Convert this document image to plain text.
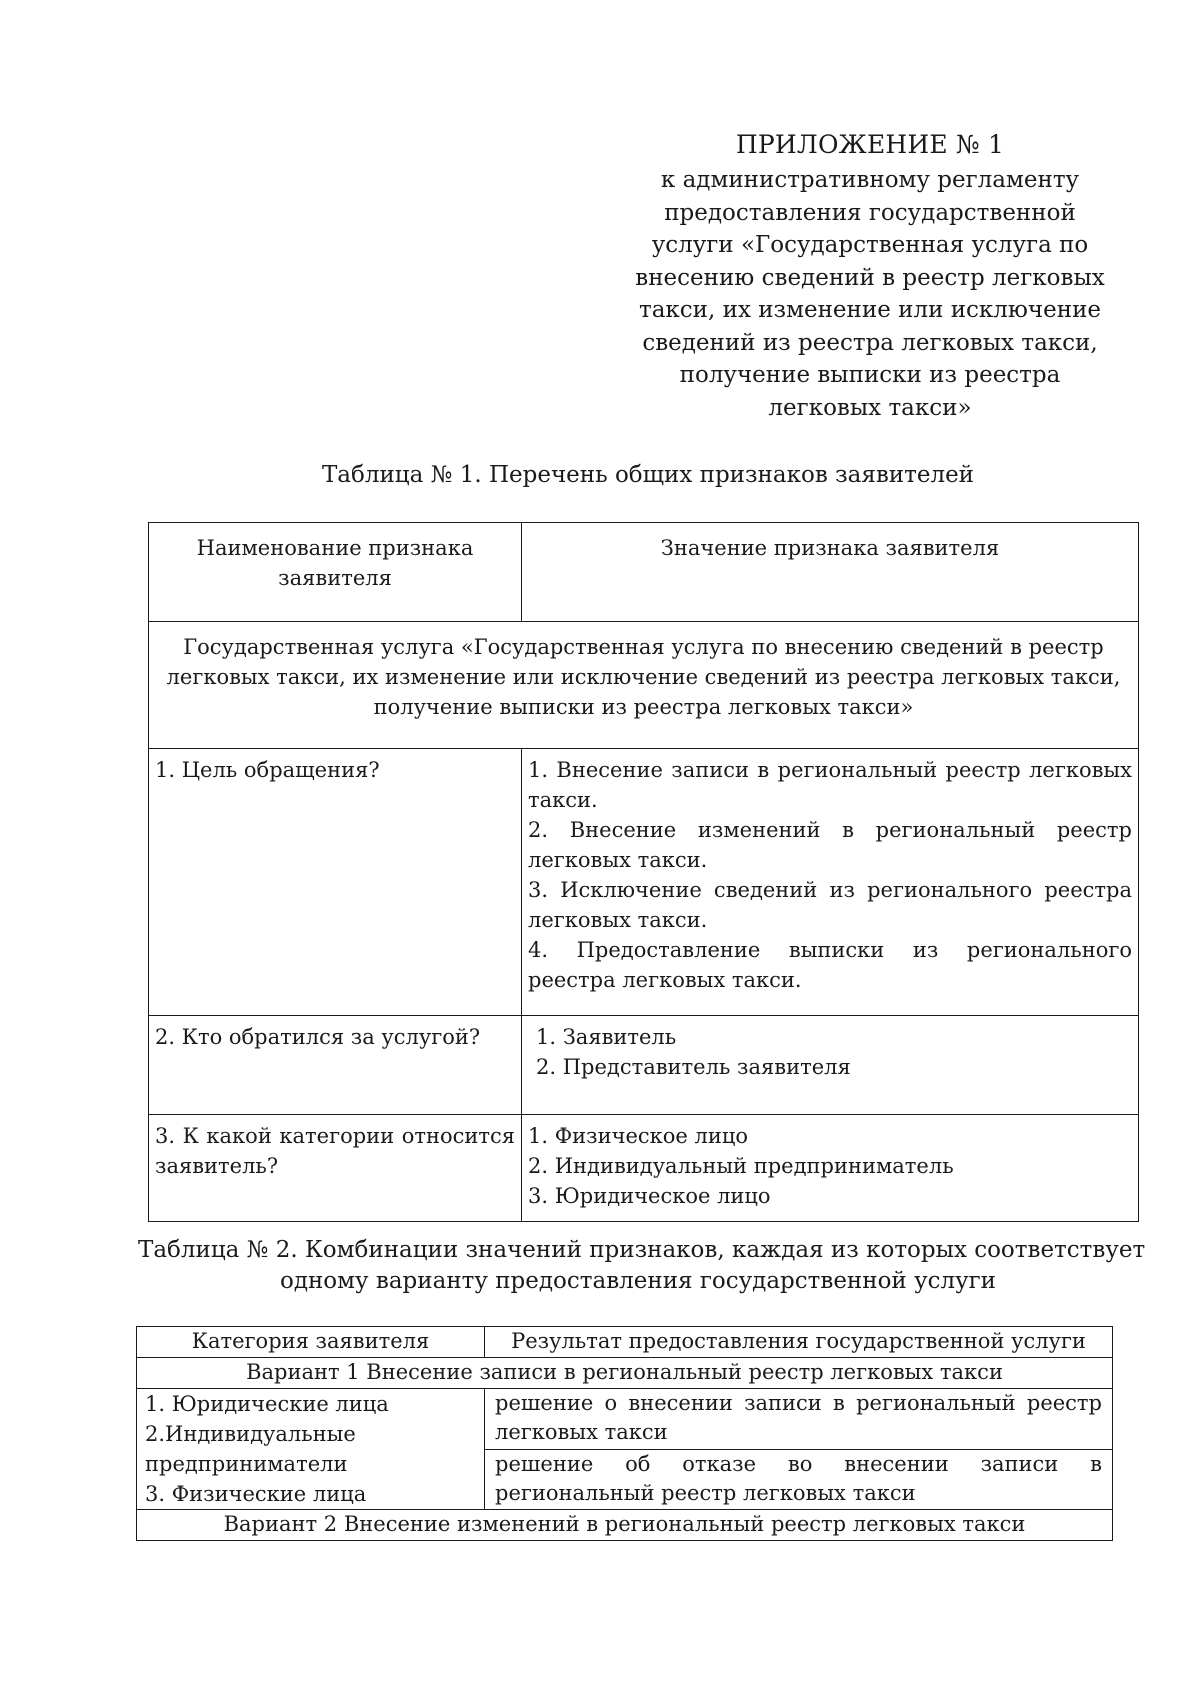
ПРИЛОЖЕНИЕ № 1
к административному регламенту
предоставления государственной
услуги «Государственная услуга по
внесению сведений в реестр легковых
такси, их изменение или исключение
сведений из реестра легковых такси,
получение выписки из реестра
легковых такси»
Таблица № 1. Перечень общих признаков заявителей
Наименование признака
заявителя	Значение признака заявителя

Государственная услуга «Государственная услуга по внесению сведений в реестр
легковых такси, их изменение или исключение сведений из реестра легковых такси,
получение выписки из реестра легковых такси»	

1. Цель обращения?	1. Внесение записи в региональный реестр легковых такси.
2. Внесение изменений в региональный реестр легковых такси.
3. Исключение сведений из регионального реестра легковых такси.
4. Предоставление выписки из регионального реестра легковых такси.

2. Кто обратился за услугой?	1. Заявитель
2. Представитель заявителя

3. К какой категории относится заявитель?	1. Физическое лицо
2. Индивидуальный предприниматель
3. Юридическое лицо
Таблица № 2. Комбинации значений признаков, каждая из которых соответствует
одному варианту предоставления государственной услуги
Категория заявителя	Результат предоставления государственной услуги
Вариант 1 Внесение записи в региональный реестр легковых такси	

1. Юридические лица
2.Индивидуальные
предприниматели
3. Физические лица	решение о внесении записи в региональный реестр легковых такси
	решение об отказе во внесении записи в региональный реестр легковых такси
Вариант 2 Внесение изменений в региональный реестр легковых такси	
